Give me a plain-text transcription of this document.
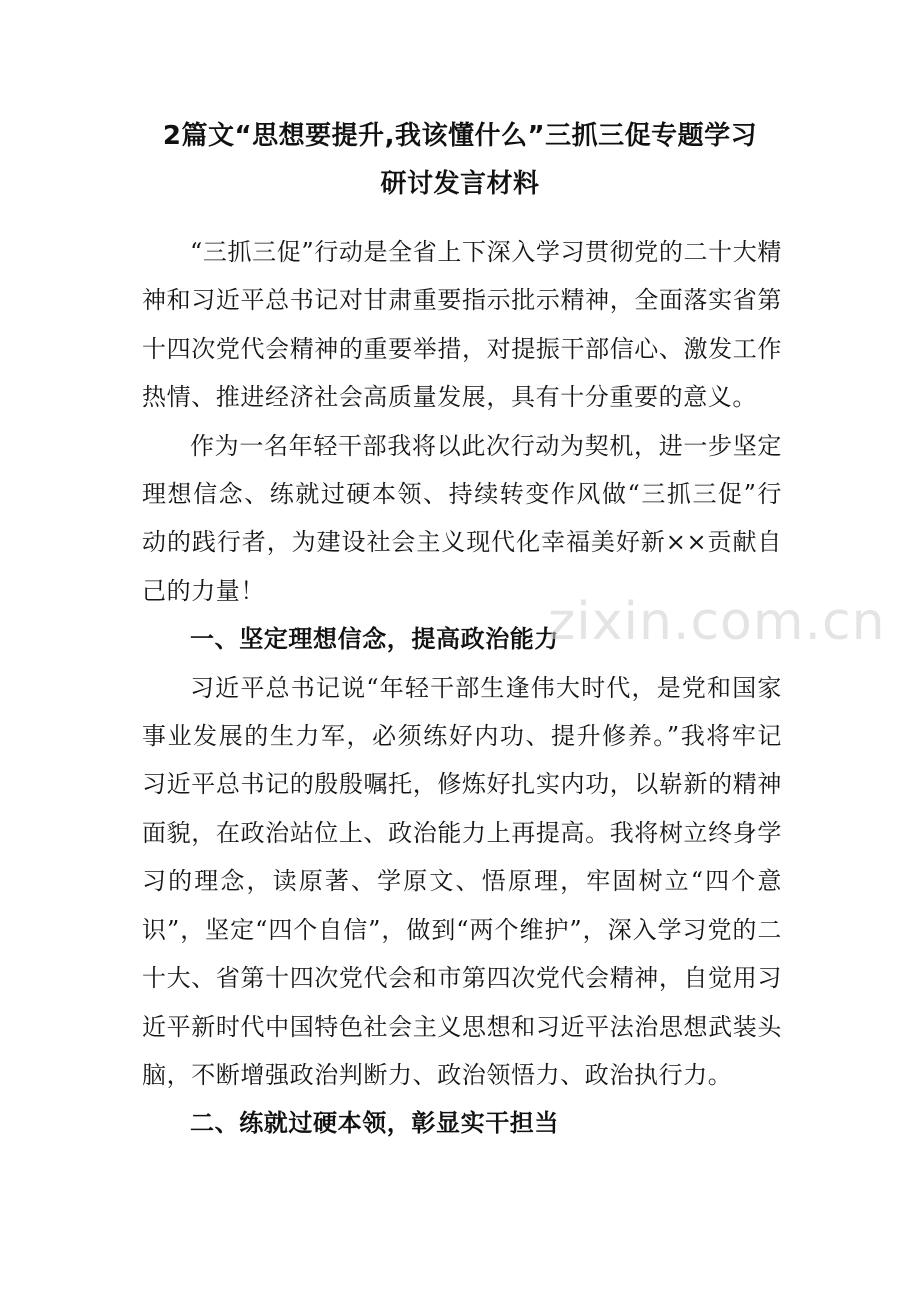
2篇文“思想要提升,我该懂什么”三抓三促专题学习
研讨发言材料

“三抓三促”行动是全省上下深入学习贯彻党的二十大精神和习近平总书记对甘肃重要指示批示精神，全面落实省第十四次党代会精神的重要举措，对提振干部信心、激发工作热情、推进经济社会高质量发展，具有十分重要的意义。

作为一名年轻干部我将以此次行动为契机，进一步坚定理想信念、练就过硬本领、持续转变作风做“三抓三促”行动的践行者，为建设社会主义现代化幸福美好新××贡献自己的力量！

一、坚定理想信念，提高政治能力

习近平总书记说“年轻干部生逢伟大时代，是党和国家事业发展的生力军，必须练好内功、提升修养。”我将牢记习近平总书记的殷殷嘱托，修炼好扎实内功，以崭新的精神面貌，在政治站位上、政治能力上再提高。我将树立终身学习的理念，读原著、学原文、悟原理，牢固树立“四个意识”，坚定“四个自信”，做到“两个维护”，深入学习党的二十大、省第十四次党代会和市第四次党代会精神，自觉用习近平新时代中国特色社会主义思想和习近平法治思想武装头脑，不断增强政治判断力、政治领悟力、政治执行力。

二、练就过硬本领，彰显实干担当

zixin.com.cn
